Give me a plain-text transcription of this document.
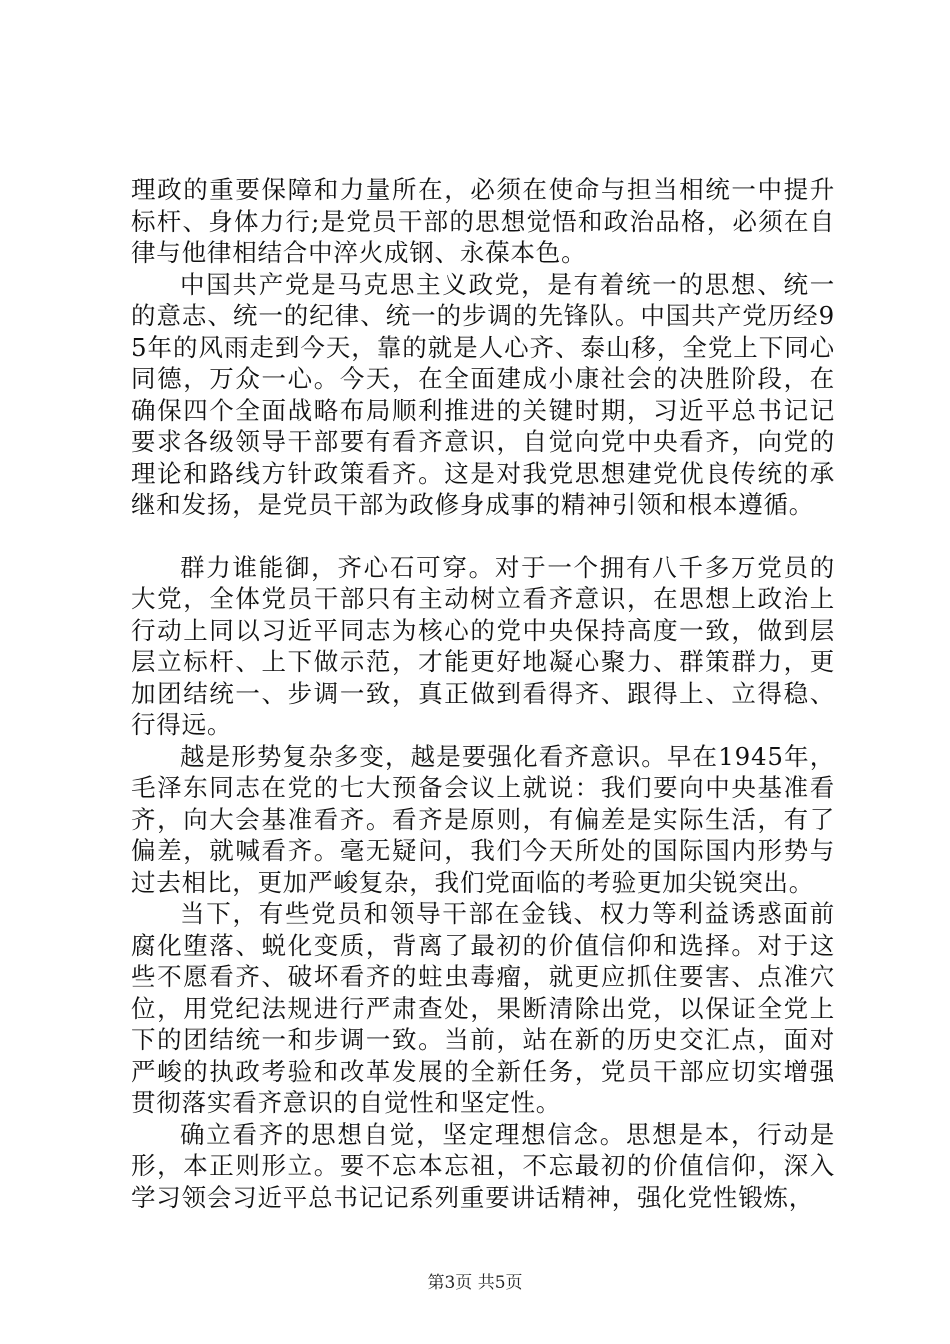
理政的重要保障和力量所在，必须在使命与担当相统一中提升标杆、身体力行;是党员干部的思想觉悟和政治品格，必须在自律与他律相结合中淬火成钢、永葆本色。

中国共产党是马克思主义政党，是有着统一的思想、统一的意志、统一的纪律、统一的步调的先锋队。中国共产党历经95年的风雨走到今天，靠的就是人心齐、泰山移，全党上下同心同德，万众一心。今天，在全面建成小康社会的决胜阶段，在确保四个全面战略布局顺利推进的关键时期，习近平总书记记要求各级领导干部要有看齐意识，自觉向党中央看齐，向党的理论和路线方针政策看齐。这是对我党思想建党优良传统的承继和发扬，是党员干部为政修身成事的精神引领和根本遵循。

群力谁能御，齐心石可穿。对于一个拥有八千多万党员的大党，全体党员干部只有主动树立看齐意识，在思想上政治上行动上同以习近平同志为核心的党中央保持高度一致，做到层层立标杆、上下做示范，才能更好地凝心聚力、群策群力，更加团结统一、步调一致，真正做到看得齐、跟得上、立得稳、行得远。

越是形势复杂多变，越是要强化看齐意识。早在1945年，毛泽东同志在党的七大预备会议上就说：我们要向中央基准看齐，向大会基准看齐。看齐是原则，有偏差是实际生活，有了偏差，就喊看齐。毫无疑问，我们今天所处的国际国内形势与过去相比，更加严峻复杂，我们党面临的考验更加尖锐突出。

当下，有些党员和领导干部在金钱、权力等利益诱惑面前腐化堕落、蜕化变质，背离了最初的价值信仰和选择。对于这些不愿看齐、破坏看齐的蛀虫毒瘤，就更应抓住要害、点准穴位，用党纪法规进行严肃查处，果断清除出党，以保证全党上下的团结统一和步调一致。当前，站在新的历史交汇点，面对严峻的执政考验和改革发展的全新任务，党员干部应切实增强贯彻落实看齐意识的自觉性和坚定性。

确立看齐的思想自觉，坚定理想信念。思想是本，行动是形，本正则形立。要不忘本忘祖，不忘最初的价值信仰，深入学习领会习近平总书记记系列重要讲话精神，强化党性锻炼，

第3页 共5页
